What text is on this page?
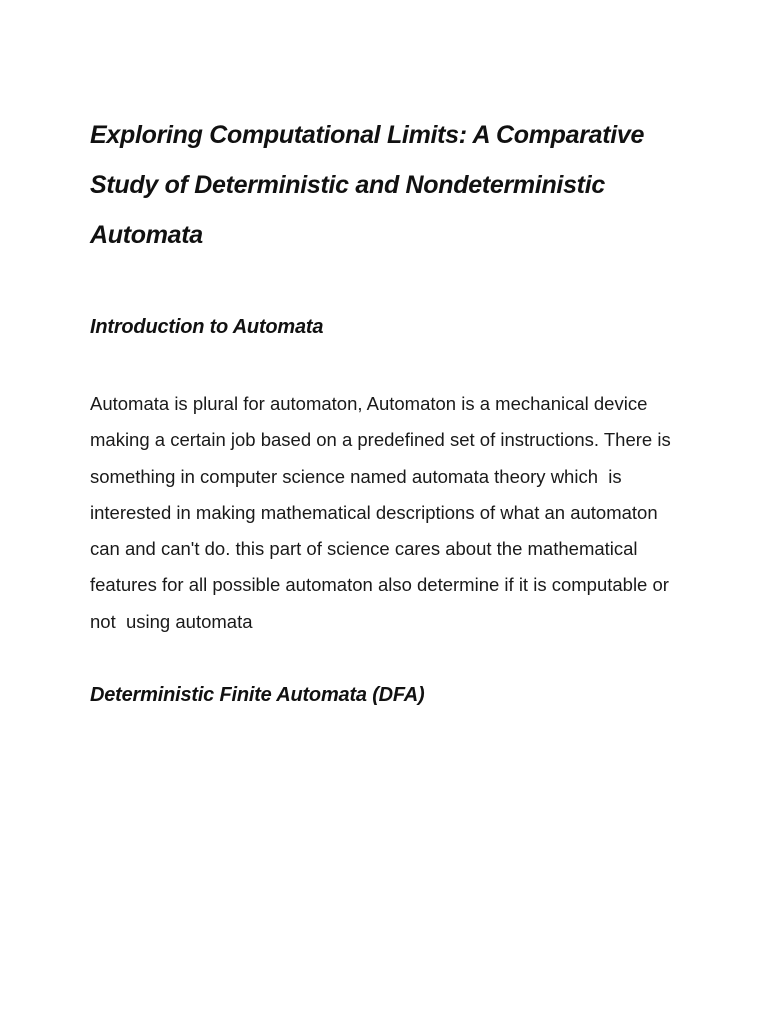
Exploring Computational Limits: A Comparative Study of Deterministic and Nondeterministic Automata
Introduction to Automata

Automata is plural for automaton, Automaton is a mechanical device making a certain job based on a predefined set of instructions. There is something in computer science named automata theory which  is interested in making mathematical descriptions of what an automaton can and can't do. this part of science cares about the mathematical features for all possible automaton also determine if it is computable or not  using automata

Deterministic Finite Automata (DFA)
